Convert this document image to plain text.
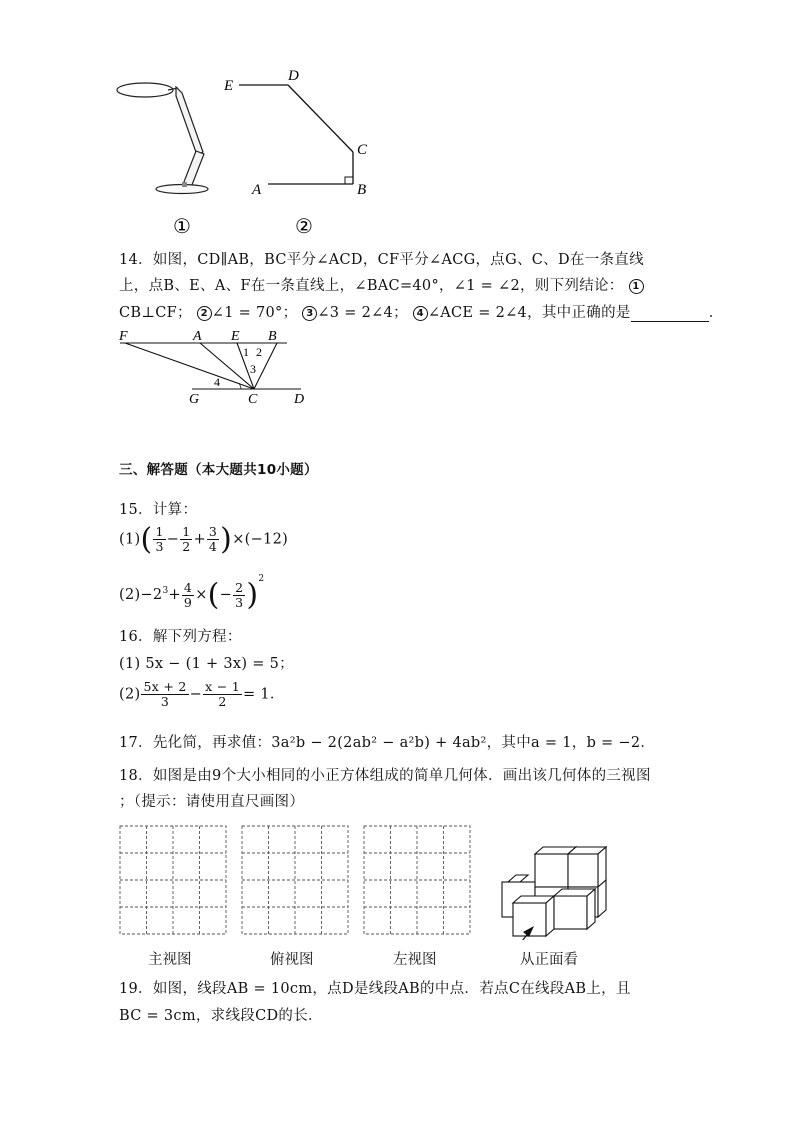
E
D
C
A	B
①	②
14．如图，CD∥AB，BC平分∠ACD，CF平分∠ACG，点G、C、D在一条直线
上，点B、E、A、F在一条直线上，∠BAC=40°，∠1 = ∠2，则下列结论： 1
CB⊥CF； 2 ∠1 = 70°； 3 ∠3 = 2∠4； 4 ∠ACE = 2∠4，其中正确的是	．
F	A E B
1 2
3
4
G	C	D
三、解答题（本大题共10小题）
15．计算：
$(1)( \frac{1}{3} - \frac{1}{2} + \frac{3}{4} )\times(-12)$
$(2)-2^3+ \frac{4}{9}$ ×(− $\frac{2}{3} )^2$
16．解下列方程：
(1) 5x − (1 + 3x) = 5；
$(2) \frac{5x + 2}{3} - \frac{x - 1}{2} = 1$．
17．先化简，再求值：3a²b − 2(2ab² − a²b) + 4ab²，其中a = 1，b = −2．
18．如图是由9个大小相同的小正方体组成的简单几何体．画出该几何体的三视图
；（提示：请使用直尺画图）
主视图	俯视图	左视图	从正面看
19．如图，线段AB = 10cm，点D是线段AB的中点．若点C在线段AB上，且
BC = 3cm，求线段CD的长．
